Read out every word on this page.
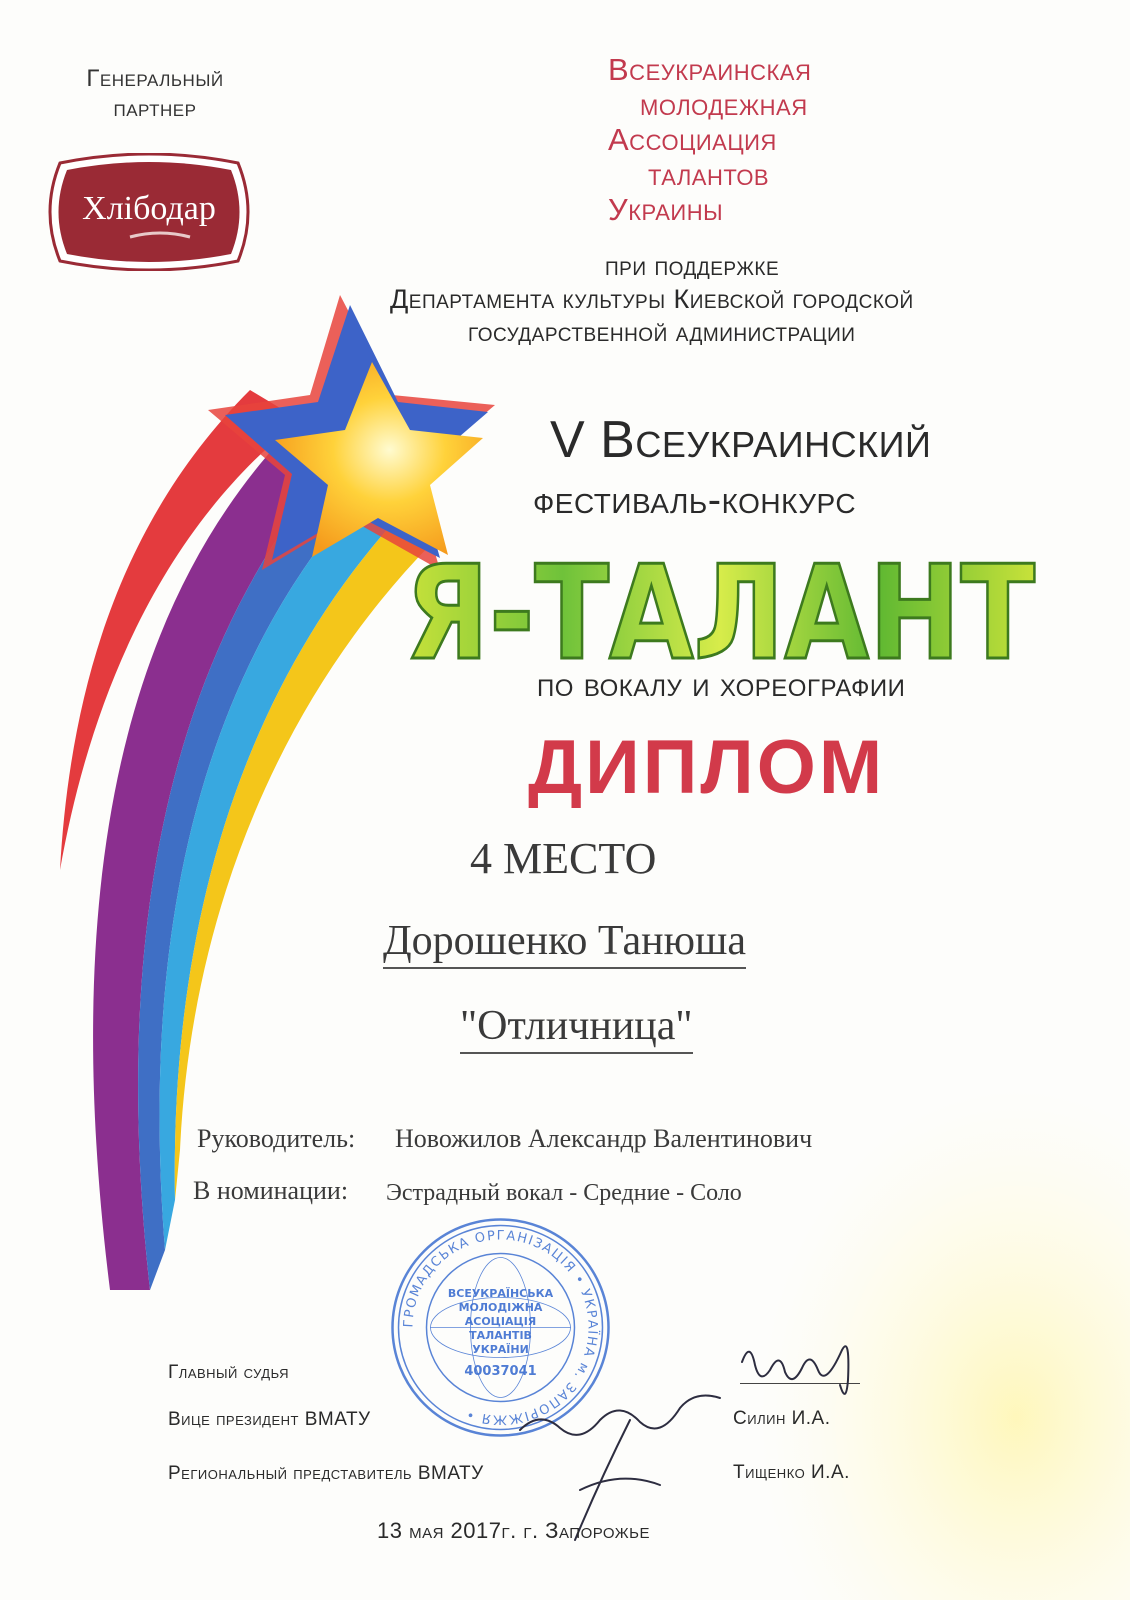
Генеральный
партнер
Хлібодар
Всеукраинская
молодежная
Ассоциация
талантов
Украины
при поддержке
Департамента культуры Киевской городской
государственной администрации
V Всеукраинский
фестиваль-конкурс
Я-ТАЛАНТ
по вокалу и хореографии
ДИПЛОМ
4 МЕСТО
Дорошенко Танюша
"Отличница"
Руководитель: Новожилов Александр Валентинович
В номинации: Эстрадный вокал - Средние - Соло
ГРОМАДСЬКА ОРГАНІЗАЦІЯ • УКРАЇНА м. ЗАПОРІЖЖЯ •
ВСЕУКРАЇНСЬКА
МОЛОДІЖНА
АСОЦІАЦІЯ
ТАЛАНТІВ
УКРАЇНИ
40037041
Главный судья
Вице президент ВМАТУ
Региональный представитель ВМАТУ
Силин И.А.
Тищенко И.А.
13 мая 2017г. г. Запорожье
